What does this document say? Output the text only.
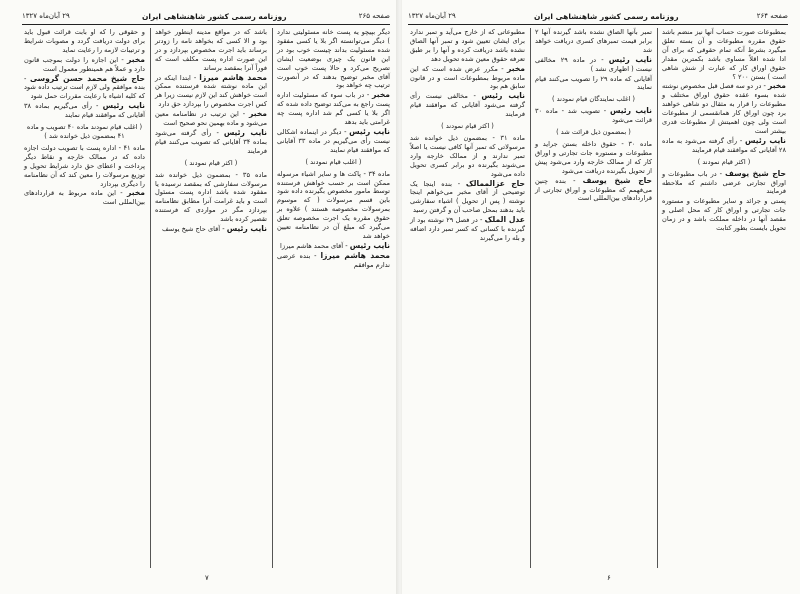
صفحه ۲۶۵
روزنامه رسمی کشور شاهنشاهی ایران
۲۹ آبان‌ماه ۱۳۲۷

دیگر بپیچو یه پست خانه مسئولیتی ندارد ) دیگر می‌توانسته اگر بلا یا کسی مفقود شده مسئولیت بداند چیست خوب بود در این قانون یک چیزی بوضعیت ایشان تصریح می‌کرد و حالا پست خوب است آقای مخبر توضیح بدهند که در آنصورت ترتیب چه خواهد بود

مخبر - در باب سوء که مسئولیت اداره پست راجع به می‌کند توضیح داده شده که اگر بلا یا کسی گم شد اداره پست چه غرامتی باید بدهد

نایب رئیس - دیگر در اینماده اشکالی نیست رأی می‌گیریم در ماده ۳۳ آقایانی که موافقند قیام نمایند

( اغلب قیام نمودند )

ماده ۳۴ - پاکت ها و سایر اشیاء مرسوله ممکن است بر حسب خواهش فرستنده توسط مامور مخصوص بگیرنده داده شود باین قسم مرسولات ( که موسوم بمرسولات مخصوصه هستند ) علاوه بر حقوق مقرره یک اجرت مخصوصه تعلق می‌گیرد که مبلغ آن در نظامنامه تعیین خواهد شد

نایب رئیس - آقای محمد هاشم میرزا

محمد هاشم میرزا - بنده عرضی ندارم موافقم

باشد که در مواقع مدینه اینطور خواهد بود و الا کسی که بخواهد نامه را زودتر برساند باید اجرت مخصوص بپردازد و در این صورت اداره پست مکلف است که فوراً آنرا بمقصد برساند

محمد هاشم میرزا - ابتدا اینکه در این ماده نوشته شده فرستنده ممکن است خواهش کند این لازم نیست زیرا هر کس اجرت مخصوص را بپردازد حق دارد

مخبر - این ترتیب در نظامنامه معین می‌شود و ماده بهمین نحو صحیح است

نایب رئیس - رأی گرفته می‌شود بماده ۳۴ آقایانی که تصویب می‌کنند قیام فرمایند

( اکثر قیام نمودند )

ماده ۳۵ - بمضمون ذیل خوانده شد مرسولات سفارشی که بمقصد نرسیده یا مفقود شده باشد اداره پست مسئول است و باید غرامت آنرا مطابق نظامنامه بپردازد مگر در مواردی که فرستنده تقصیر کرده باشد

نایب رئیس - آقای حاج شیخ یوسف

و حقوقی را که او بابت قرائت قبول باید برای دولت دریافت گردد و مصوبات شرایط و ترتیبات لازمه را رعایت نماید

مخبر - این اجازه را دولت بموجب قانون دارد و عملاً هم همینطور معمول است

حاج شیخ محمد حسن گروسی - بنده موافقم ولی لازم است ترتیب داده شود که کلیه اشیاء با رعایت مقررات حمل شود

نایب رئیس - رأی می‌گیریم بماده ۳۸ آقایانی که موافقند قیام نمایند

( اغلب قیام نمودند ماده ۴۰ تصویب و ماده ۴۱ بمضمون ذیل خوانده شد )

ماده ۴۱ - اداره پست با تصویب دولت اجازه داده که در ممالک خارجه و نقاط دیگر پرداخت و اعطای حق دارد شرایط تحویل و توزیع مرسولات را معین کند که آن نظامنامه را دیگری بپردازد

مخبر - این ماده مربوط به قراردادهای بین‌المللی است

۷
صفحه ۲۶۴
روزنامه رسمی کشور شاهنشاهی ایران
۲۹ آبان‌ماه ۱۳۲۷

بمطبوعات صورت حساب آنها نیز منضم باشد حقوق مقرره مطبوعات و آن بسته تعلق میگیرد بشرط آنکه تمام حقوقی که برای آن ادا شده اقلاً مساوی باشد بکمترین مقدار حقوق اوراق کار که عبارت از شش شاهی است ) بستن ۲۰۰ ؟

مخبر - در دو سه فصل قبل مخصوص نوشته شده بسوء عقده حقوق اوراق مختلف و مطبوعات را قرار به مثقال دو شاهی خواهند برد چون اوراق کار همانقسمی از مطبوعات است ولی چون اهمیتش از مطبوعات قدری بیشتر است

نایب رئیس - رأی گرفته می‌شود به ماده ۲۸ آقایانی که موافقند قیام فرمایند

( اکثر قیام نمودند )

حاج شیخ یوسف - در باب مطبوعات و اوراق تجارتی عرضی داشتم که ملاحظه فرمایند

پستی و جرائد و سایر مطبوعات و مستوره جات تجارتی و اوراق کار که محل اصلی و مقصد آنها در داخله مملکت باشد و در زمان تحویل بایست بطور کتابت

تمبر بآنها الصاق نشده باشد گیرنده آنها ۲ برابر قیمت تمبرهای کسری دریافت خواهد شد

نایب رئیس - در ماده ۲۹ مخالفی نیست ( اظهاری نشد )

آقایانی که ماده ۲۹ را تصویب می‌کنند قیام نمایند

( اغلب نمایندگان قیام نمودند )

نایب رئیس - تصویب شد - ماده ۳۰ قرائت می‌شود

( بمضمون ذیل قرائت شد )

ماده ۳۰ - حقوق داخله بستن جراید و مطبوعات و مستوره جات تجارتی و اوراق کار که از ممالک خارجه وارد می‌شود پیش از تحویل بگیرنده دریافت می‌شود

حاج شیخ یوسف - بنده چنین می‌فهمم که مطبوعات و اوراق تجارتی از قراردادهای بین‌المللی است

مطبوعاتی که از خارج می‌آید و تمبر ندارد برای ایشان تعیین شود و تمبر آنها الصاق نشده باشد دریافت کرده و آنها را بر طبق تعرفه حقوق معین شده تحویل دهد

مخبر - مکرر عرض شده است که این ماده مربوط بمطبوعات است و در قانون سابق هم بود

نایب رئیس - مخالفی نیست رأی گرفته می‌شود آقایانی که موافقند قیام فرمایند

( اکثر قیام نمودند )

ماده ۳۱ - بمضمون ذیل خوانده شد مرسولاتی که تمبر آنها کافی نیست یا اصلاً تمبر ندارند و از ممالک خارجه وارد می‌شوند بگیرنده دو برابر کسری تحویل داده می‌شود

حاج عزالممالک - بنده اینجا یک توضیحی از آقای مخبر می‌خواهم اینجا نوشته ( پس از تحویل ) اشیاء سفارشی باید بدهند بمحل صاحب آن و گرفتن رسید

عدل الملک - در فصل ۲۹ نوشته بود از گیرنده با کسانی که کسر تمبر دارد اضافه و بله را می‌گیرند

۶
